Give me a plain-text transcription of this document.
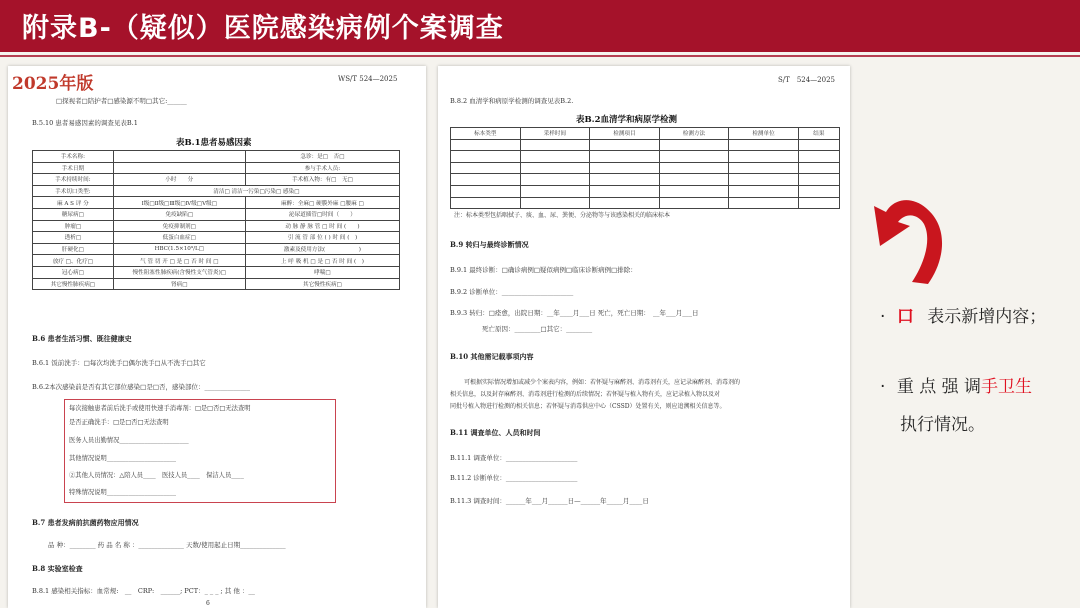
附录B-（疑似）医院感染病例个案调查
2025年版	WS/T 524—2025
□探视者□陪护者□感染源不明□其它:______
B.5.10 患者易感因素的调查见表B.1
表B.1患者易感因素
手术名称:		急诊：是□　否□
手术日期		参与手术人员:
手术持续时间:	小时　　分	手术植入物：有□　无□
手术切口类型:	清洁□ 清洁一污染□污染□ 感染□	
麻 A S 评 分	Ⅰ级□Ⅱ级□Ⅲ级□Ⅳ级□Ⅴ级□	麻醉：全麻□ 硬膜外麻 □腰麻 □
糖尿病□	免疫缺陷□	泌尿道插管□时间（　　）
肿瘤□	免疫抑制剂□	动 脉 静 脉 管 □ 时 间 (　　)
透析□	低蛋白血症□	引 流 管 部 位 ( ) 时 间 (　)
肝硬化□	HBC(1.5×10⁹/L□	激素及使用方法(　　　　　　)
放疗 □、化疗□	气 管 切 开 □ 是 □ 否 时 间 □	上 呼 吸 机 □ 是 □ 否 时 间 (　)
冠心病□	慢性阻塞性肺疾病(含慢性支气管炎)□	哮喘□
其它慢性肺疾病□	肾病□	其它慢性疾病□
B.6 患者生活习惯、既往健康史
B.6.1 饭前洗手：□每次均洗手□偶尔洗手□从不洗手□其它
B.6.2本次感染前是否有其它部位感染□是□否，感染部位：______________
每次接触患者前后洗手或使用快速手消毒剂：□是□否□无法查明
是否正确洗手：□是□否□无法查明
医务人员出勤情况______________________
其他情况说明______________________
②其他人员情况：△陪人员____　医技人员____　保洁人员____
特殊情况说明______________________
B.7 患者发病前抗菌药物应用情况
品 种：________ 药 品 名 称 ：______________ 天数/使用起止日期______________
B.8 实验室检查
B.8.1 感染相关指标：血常规:　__　CRP:　______; PCT：_ _ _ ; 其 他 ：__
6
S/T　524—2025
B.8.2 血清学和病原学检测的调查见表B.2.
表B.2血清学和病原学检测
标本类型	采样时间	检测项目	检测方法	检测单位	结果

注：标本类型包括咽拭子、痰、血、尿、粪便、分泌物等与该感染相关的临床标本
B.9 转归与最终诊断情况
B.9.1 最终诊断：□确诊病例□疑似病例□临床诊断病例□排除：
B.9.2 诊断单位：______________________
B.9.3 转归：□痊愈，出院日期：__年____月___日 死亡，死亡日期：　__年___月___日
死亡原因：________□其它：________
B.10 其他需记载事项内容
可根据实际情况增加或减少个案表内容，例如：若怀疑与麻醉剂、消毒剂有关，应记录麻醉剂、消毒剂的
相关信息，以及封存麻醉剂、消毒剂进行检测的后续情况；若怀疑与植入物有关，应记录植入物以及对
同批号植入物进行检测的相关信息；若怀疑与消毒供应中心（CSSD）处置有关，则应追溯相关信息等。
B.11 调查单位、人员和时间
B.11.1 调查单位：______________________
B.11.2 诊断单位：______________________
B.11.3 调查时间：______年___月______日—______年_____月____日
· 口 表示新增内容；
· 重 点 强 调手卫生
执行情况。
